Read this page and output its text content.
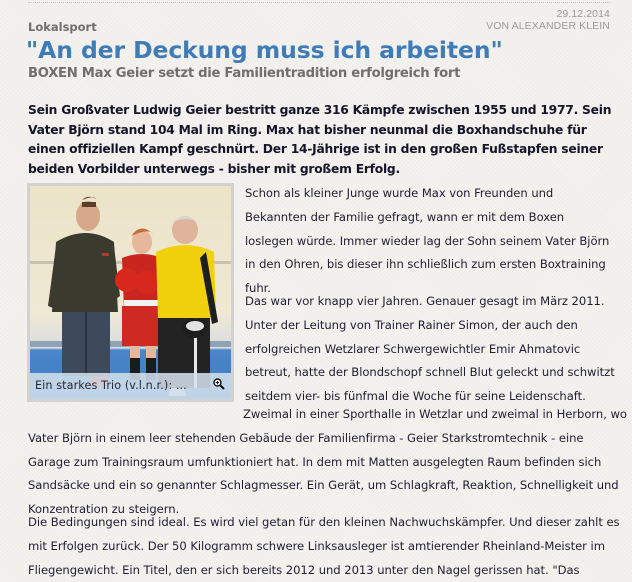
29.12.2014
VON ALEXANDER KLEIN
Lokalsport
"An der Deckung muss ich arbeiten"
BOXEN Max Geier setzt die Familientradition erfolgreich fort

Sein Großvater Ludwig Geier bestritt ganze 316 Kämpfe zwischen 1955 und 1977. Sein Vater Björn stand 104 Mal im Ring. Max hat bisher neunmal die Boxhandschuhe für einen offiziellen Kampf geschnürt. Der 14-Jährige ist in den großen Fußstapfen seiner beiden Vorbilder unterwegs - bisher mit großem Erfolg.

Ein starkes Trio (v.l.n.r.): ...

Schon als kleiner Junge wurde Max von Freunden und Bekannten der Familie gefragt, wann er mit dem Boxen loslegen würde. Immer wieder lag der Sohn seinem Vater Björn in den Ohren, bis dieser ihn schließlich zum ersten Boxtraining fuhr.

Das war vor knapp vier Jahren. Genauer gesagt im März 2011. Unter der Leitung von Trainer Rainer Simon, der auch den erfolgreichen Wetzlarer Schwergewichtler Emir Ahmatovic betreut, hatte der Blondschopf schnell Blut geleckt und schwitzt seitdem vier- bis fünfmal die Woche für seine Leidenschaft.

Zweimal in einer Sporthalle in Wetzlar und zweimal in Herborn, wo Vater Björn in einem leer stehenden Gebäude der Familienfirma - Geier Starkstromtechnik - eine Garage zum Trainingsraum umfunktioniert hat. In dem mit Matten ausgelegten Raum befinden sich Sandsäcke und ein so genannter Schlagmesser. Ein Gerät, um Schlagkraft, Reaktion, Schnelligkeit und Konzentration zu steigern.

Die Bedingungen sind ideal. Es wird viel getan für den kleinen Nachwuchskämpfer. Und dieser zahlt es mit Erfolgen zurück. Der 50 Kilogramm schwere Linksausleger ist amtierender Rheinland-Meister im Fliegengewicht. Ein Titel, den er sich bereits 2012 und 2013 unter den Nagel gerissen hat. "Das
